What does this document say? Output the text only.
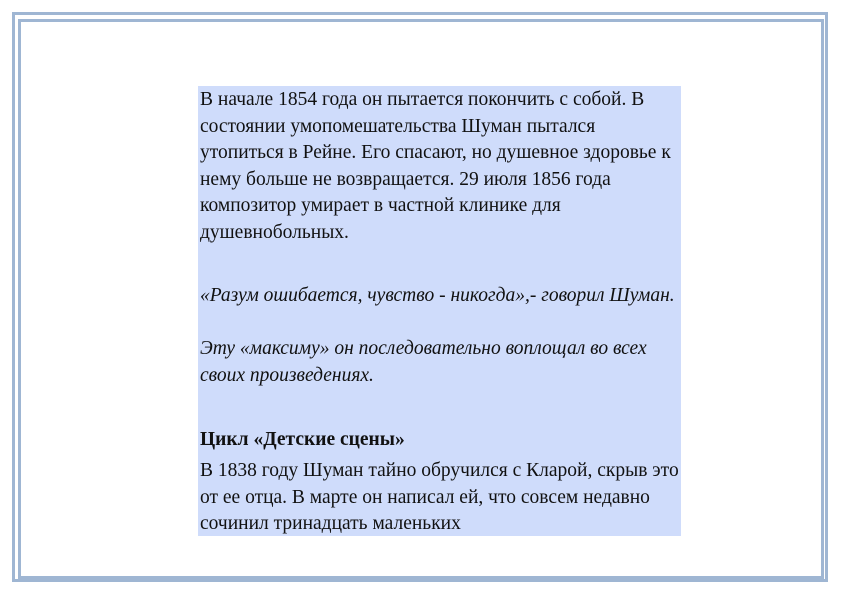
В начале 1854 года он пытается покончить с собой. В состоянии умопомешательства Шуман пытался утопиться в Рейне. Его спасают, но душевное здоровье к нему больше не возвращается. 29 июля 1856 года композитор умирает в частной клинике для душевнобольных.

«Разум ошибается, чувство - никогда»,- говорил Шуман.

Эту «максиму» он последовательно воплощал во всех своих произведениях.

Цикл «Детские сцены»

В 1838 году Шуман тайно обручился с Кларой, скрыв это от ее отца. В марте он написал ей, что совсем недавно сочинил тринадцать маленьких
